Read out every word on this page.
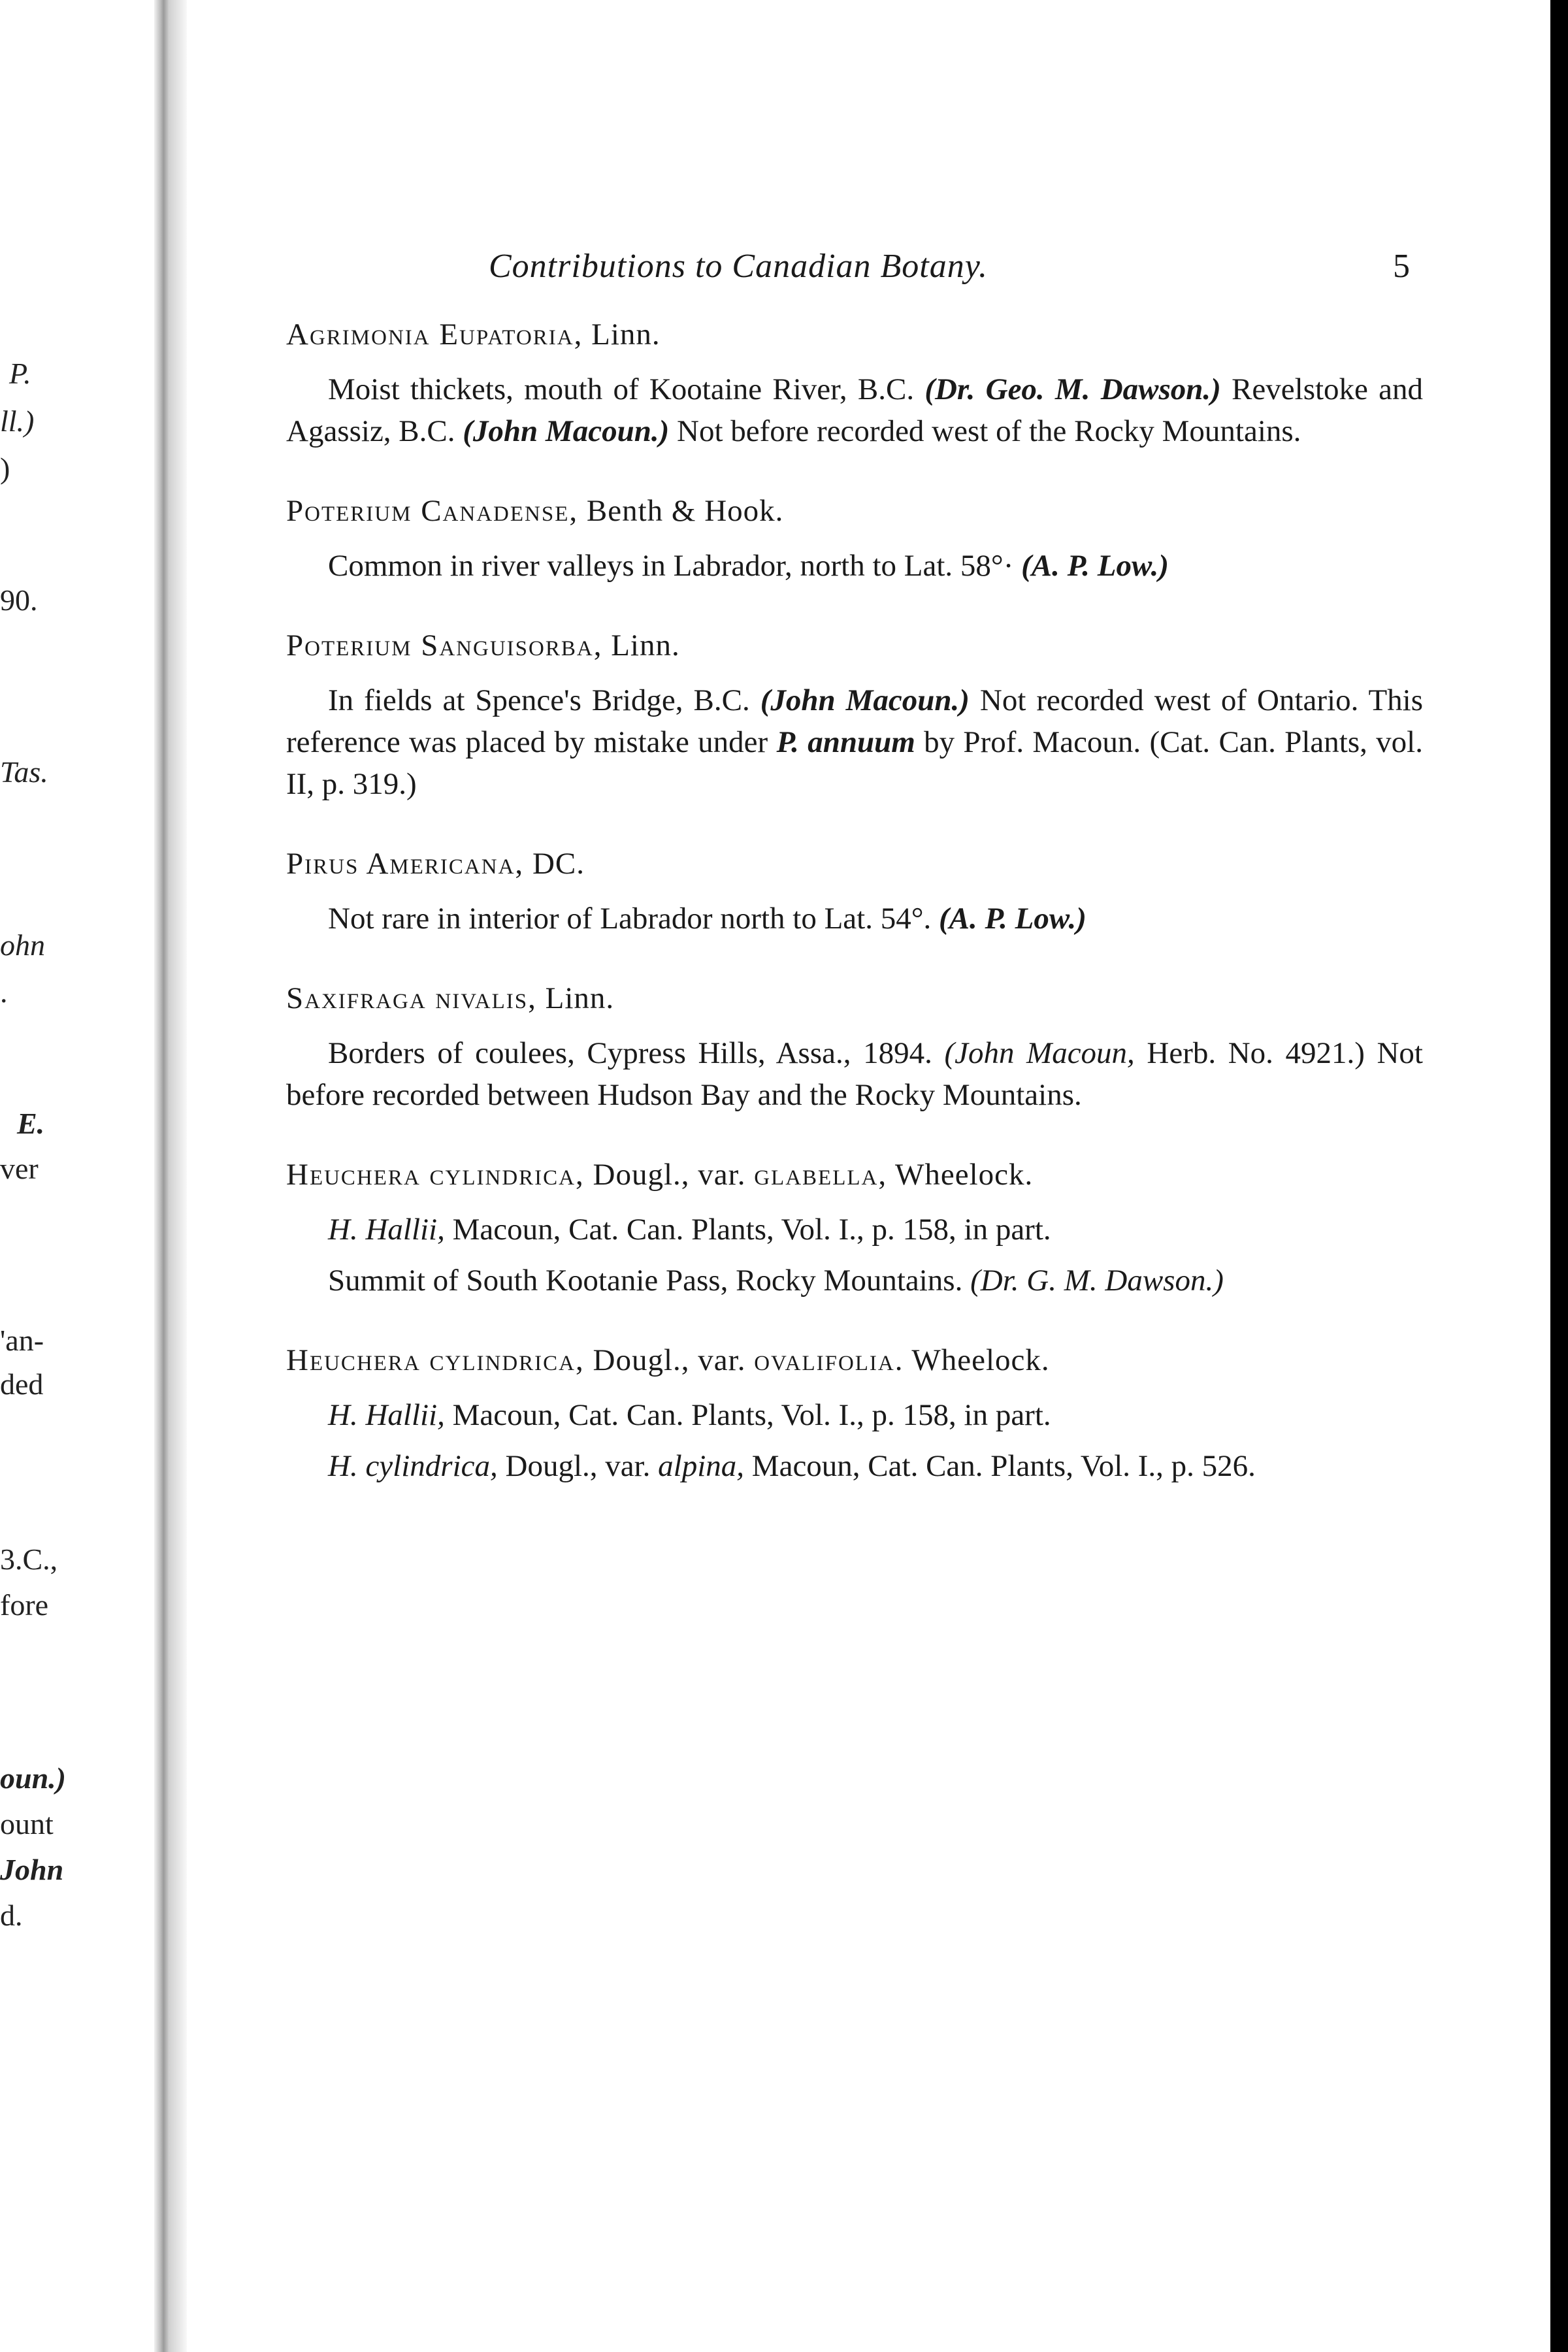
P.
ll.)
)
90.
Tas.
ohn
.
E.
ver
'an-
ded
3.C.,
fore
oun.)
ount
John
d.
Contributions to Canadian Botany.	5
Agrimonia Eupatoria, Linn.

Moist thickets, mouth of Kootaine River, B.C. (Dr. Geo. M. Dawson.) Revelstoke and Agassiz, B.C. (John Macoun.) Not before recorded west of the Rocky Mountains.

Poterium Canadense, Benth & Hook.

Common in river valleys in Labrador, north to Lat. 58°· (A. P. Low.)

Poterium Sanguisorba, Linn.

In fields at Spence's Bridge, B.C. (John Macoun.) Not recorded west of Ontario. This reference was placed by mistake under P. annuum by Prof. Macoun. (Cat. Can. Plants, vol. II, p. 319.)

Pirus Americana, DC.

Not rare in interior of Labrador north to Lat. 54°. (A. P. Low.)

Saxifraga nivalis, Linn.

Borders of coulees, Cypress Hills, Assa., 1894. (John Macoun, Herb. No. 4921.) Not before recorded between Hudson Bay and the Rocky Mountains.

Heuchera cylindrica, Dougl., var. glabella, Wheelock.

H. Hallii, Macoun, Cat. Can. Plants, Vol. I., p. 158, in part.

Summit of South Kootanie Pass, Rocky Mountains. (Dr. G. M. Dawson.)

Heuchera cylindrica, Dougl., var. ovalifolia. Wheelock.

H. Hallii, Macoun, Cat. Can. Plants, Vol. I., p. 158, in part.

H. cylindrica, Dougl., var. alpina, Macoun, Cat. Can. Plants, Vol. I., p. 526.
